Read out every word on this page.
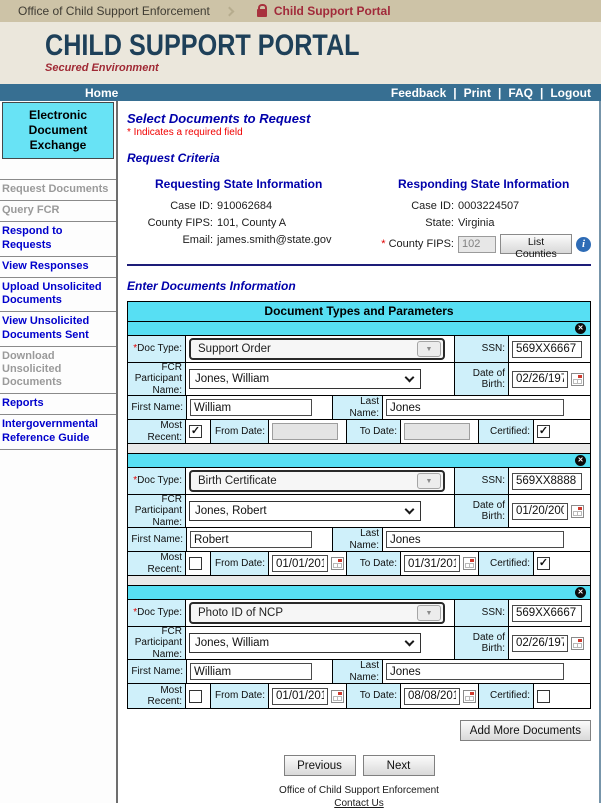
Office of Child Support Enforcement	Child Support Portal
CHILD SUPPORT PORTAL
Secured Environment
Home	Feedback | Print | FAQ | Logout
Electronic Document Exchange
Request Documents
Query FCR
Respond to Requests
View Responses
Upload Unsolicited Documents
View Unsolicited Documents Sent
Download Unsolicited Documents
Reports
Intergovernmental Reference Guide
Select Documents to Request
* Indicates a required field
Request Criteria
Requesting State Information
Case ID: 910062684
County FIPS: 101, County A
Email: james.smith@state.gov
Responding State Information
Case ID: 0003224507
State: Virginia
* County FIPS:
102	List Counties
i
Enter Documents Information
Document Types and Parameters
✕
*Doc Type: Support Order	▼	SSN:
569XX6667
FCR Participant Name:
Jones, William	Date of Birth:
02/26/1970
First Name:
William
Last Name:
Jones
Most Recent: ✓	From Date:	To Date:	Certified: ✓
✕
*Doc Type: Birth Certificate	▼	SSN:
569XX8888
FCR Participant Name:
Jones, Robert	Date of Birth:
01/20/2000
First Name:
Robert
Last Name:
Jones
Most Recent:
From Date:
01/01/2018	To Date:
01/31/2018	Certified: ✓
✕
*Doc Type: Photo ID of NCP	▼	SSN:
569XX6667
FCR Participant Name:
Jones, William	Date of Birth:
02/26/1970
First Name:
William
Last Name:
Jones
Most Recent:
From Date:
01/01/2016	To Date:
08/08/2017	Certified:
Add More Documents
Previous	Next
Office of Child Support Enforcement
Contact Us
